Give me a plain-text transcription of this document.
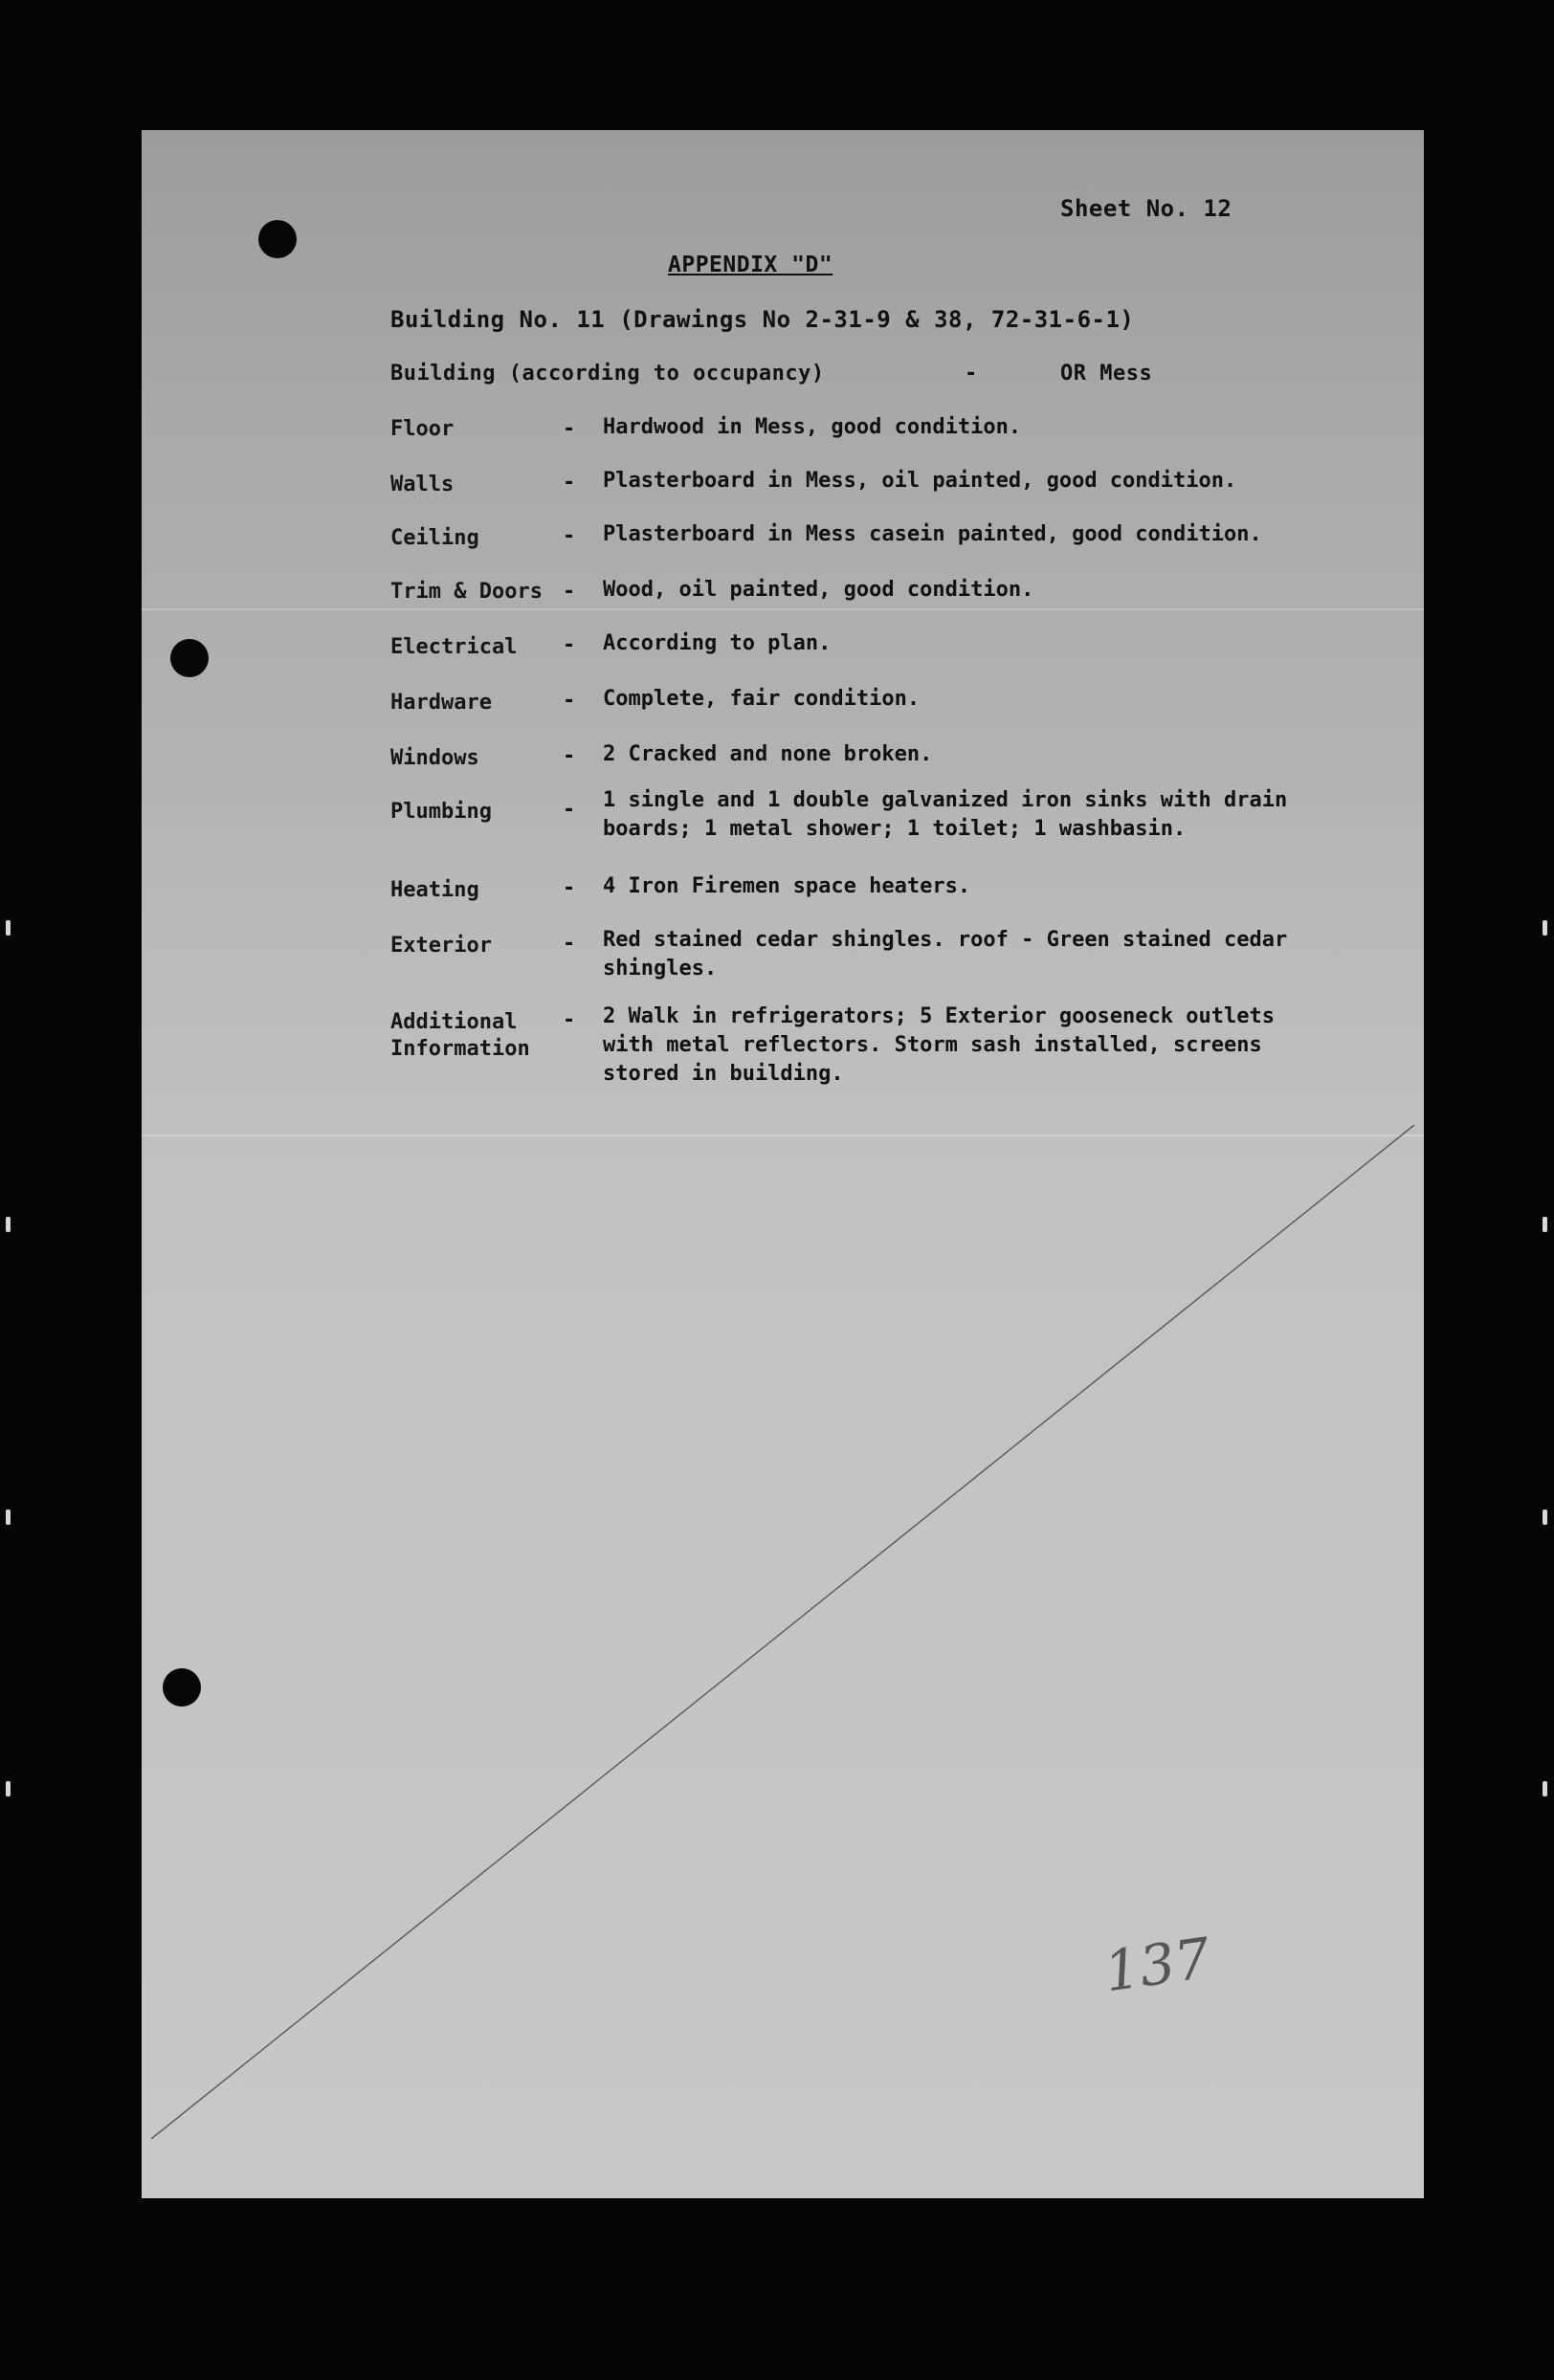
Sheet No. 12
APPENDIX "D"
Building No. 11 (Drawings No 2-31-9 & 38, 72-31-6-1)
Building (according to occupancy)	-	OR Mess
Floor	- Hardwood in Mess, good condition.
Walls	- Plasterboard in Mess, oil painted, good condition.
Ceiling	- Plasterboard in Mess casein painted, good condition.
Trim & Doors - Wood, oil painted, good condition.
Electrical - According to plan.
Hardware	- Complete, fair condition.
Windows	- 2 Cracked and none broken.
Plumbing	- 1 single and 1 double galvanized iron sinks with drain
boards; 1 metal shower; 1 toilet; 1 washbasin.
Heating	- 4 Iron Firemen space heaters.
Exterior	- Red stained cedar shingles. roof - Green stained cedar
shingles.
Additional
Information
- 2 Walk in refrigerators; 5 Exterior gooseneck outlets
with metal reflectors. Storm sash installed, screens
stored in building.
137
